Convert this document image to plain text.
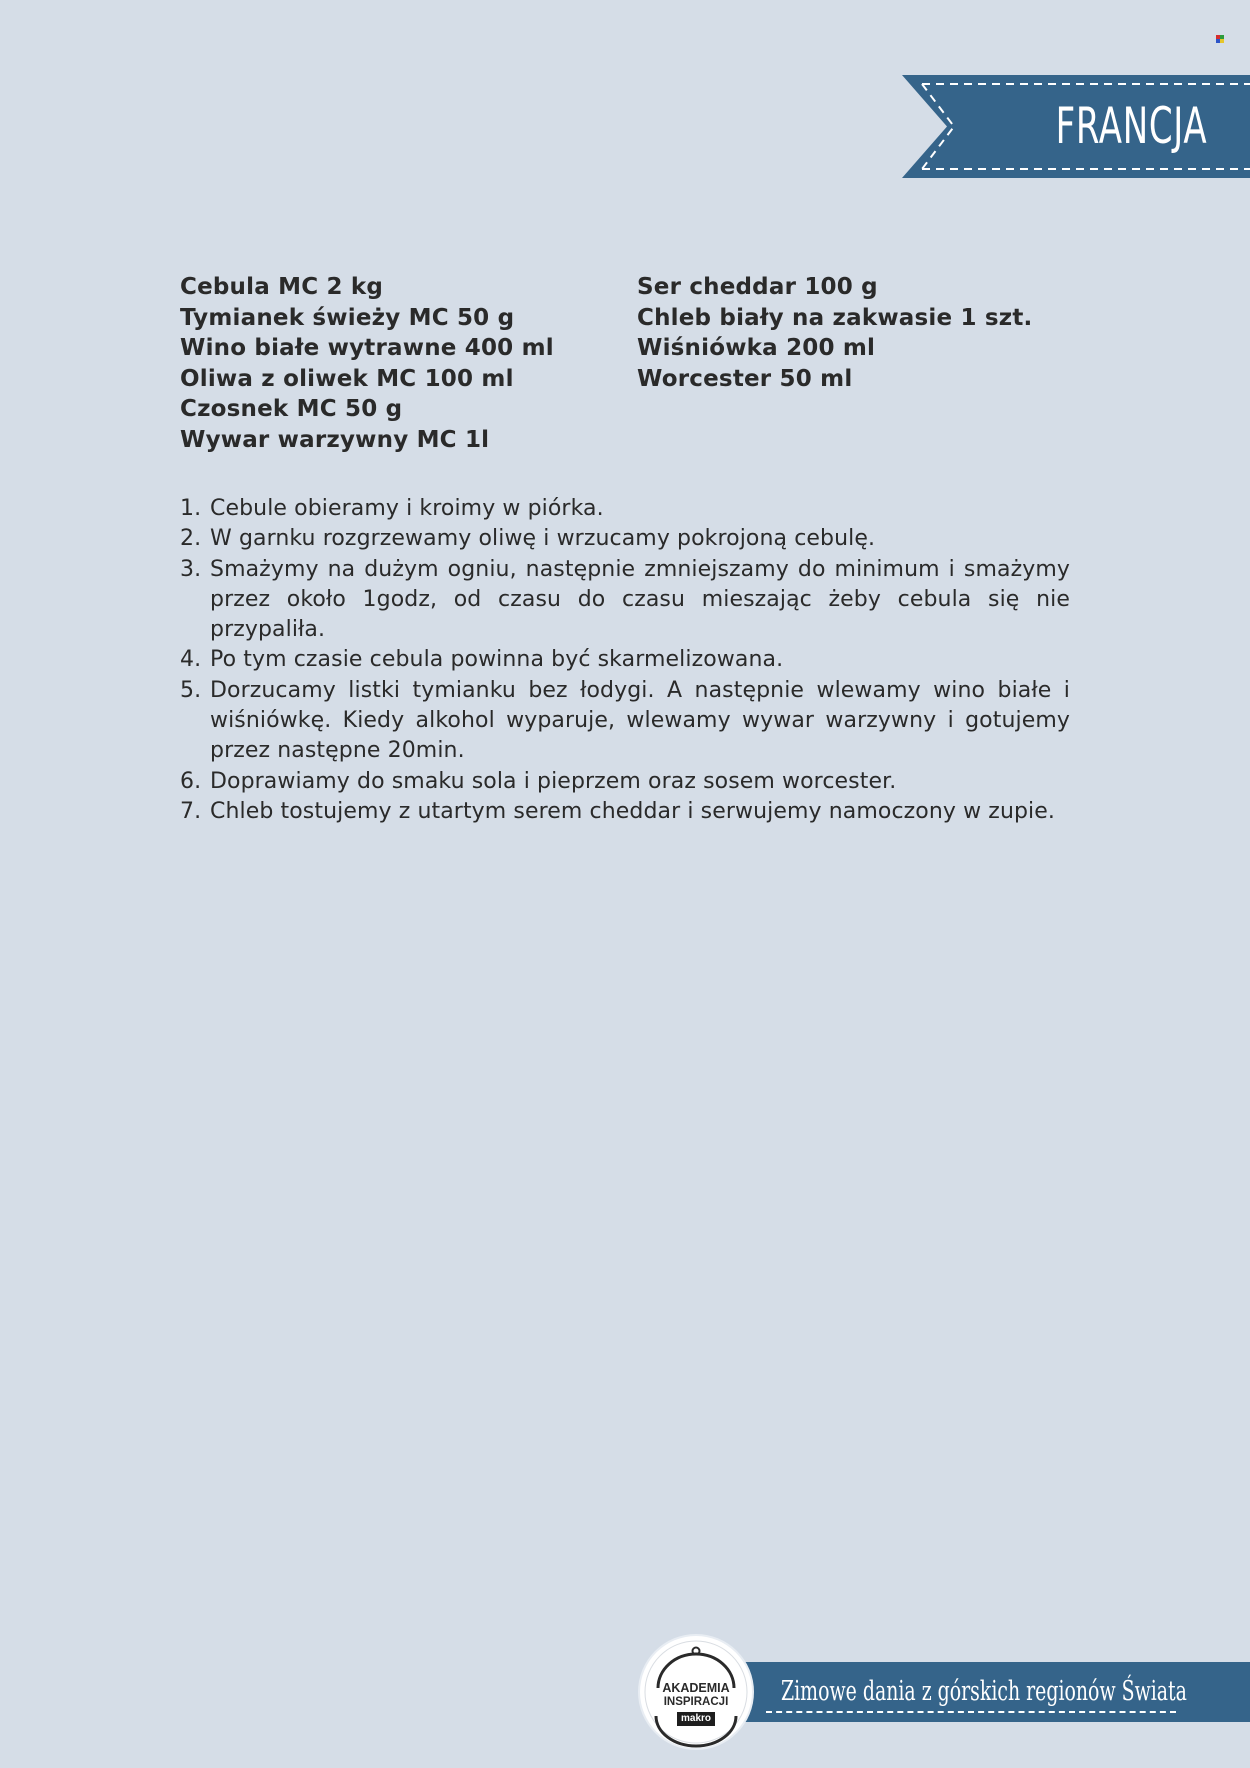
FRANCJA
Cebula MC 2 kg
Tymianek świeży MC 50 g
Wino białe wytrawne 400 ml
Oliwa z oliwek MC 100 ml
Czosnek MC 50 g
Wywar warzywny MC 1l
Ser cheddar 100 g
Chleb biały na zakwasie 1 szt.
Wiśniówka 200 ml
Worcester 50 ml
1. Cebule obieramy i kroimy w piórka.
2. W garnku rozgrzewamy oliwę i wrzucamy pokrojoną cebulę.
3. Smażymy na dużym ogniu, następnie zmniejszamy do minimum i smażymy przez około 1godz, od czasu do czasu mieszając żeby cebula się nie przypaliła.
4. Po tym czasie cebula powinna być skarmelizowana.
5. Dorzucamy listki tymianku bez łodygi. A następnie wlewamy wino białe i wiśniówkę. Kiedy alkohol wyparuje, wlewamy wywar warzywny i gotujemy przez następne 20min.
6. Doprawiamy do smaku sola i pieprzem oraz sosem worcester.
7. Chleb tostujemy z utartym serem cheddar i serwujemy namoczony w zupie.
Zimowe dania z górskich regionów Świata
AKADEMIA
INSPIRACJI
makro
